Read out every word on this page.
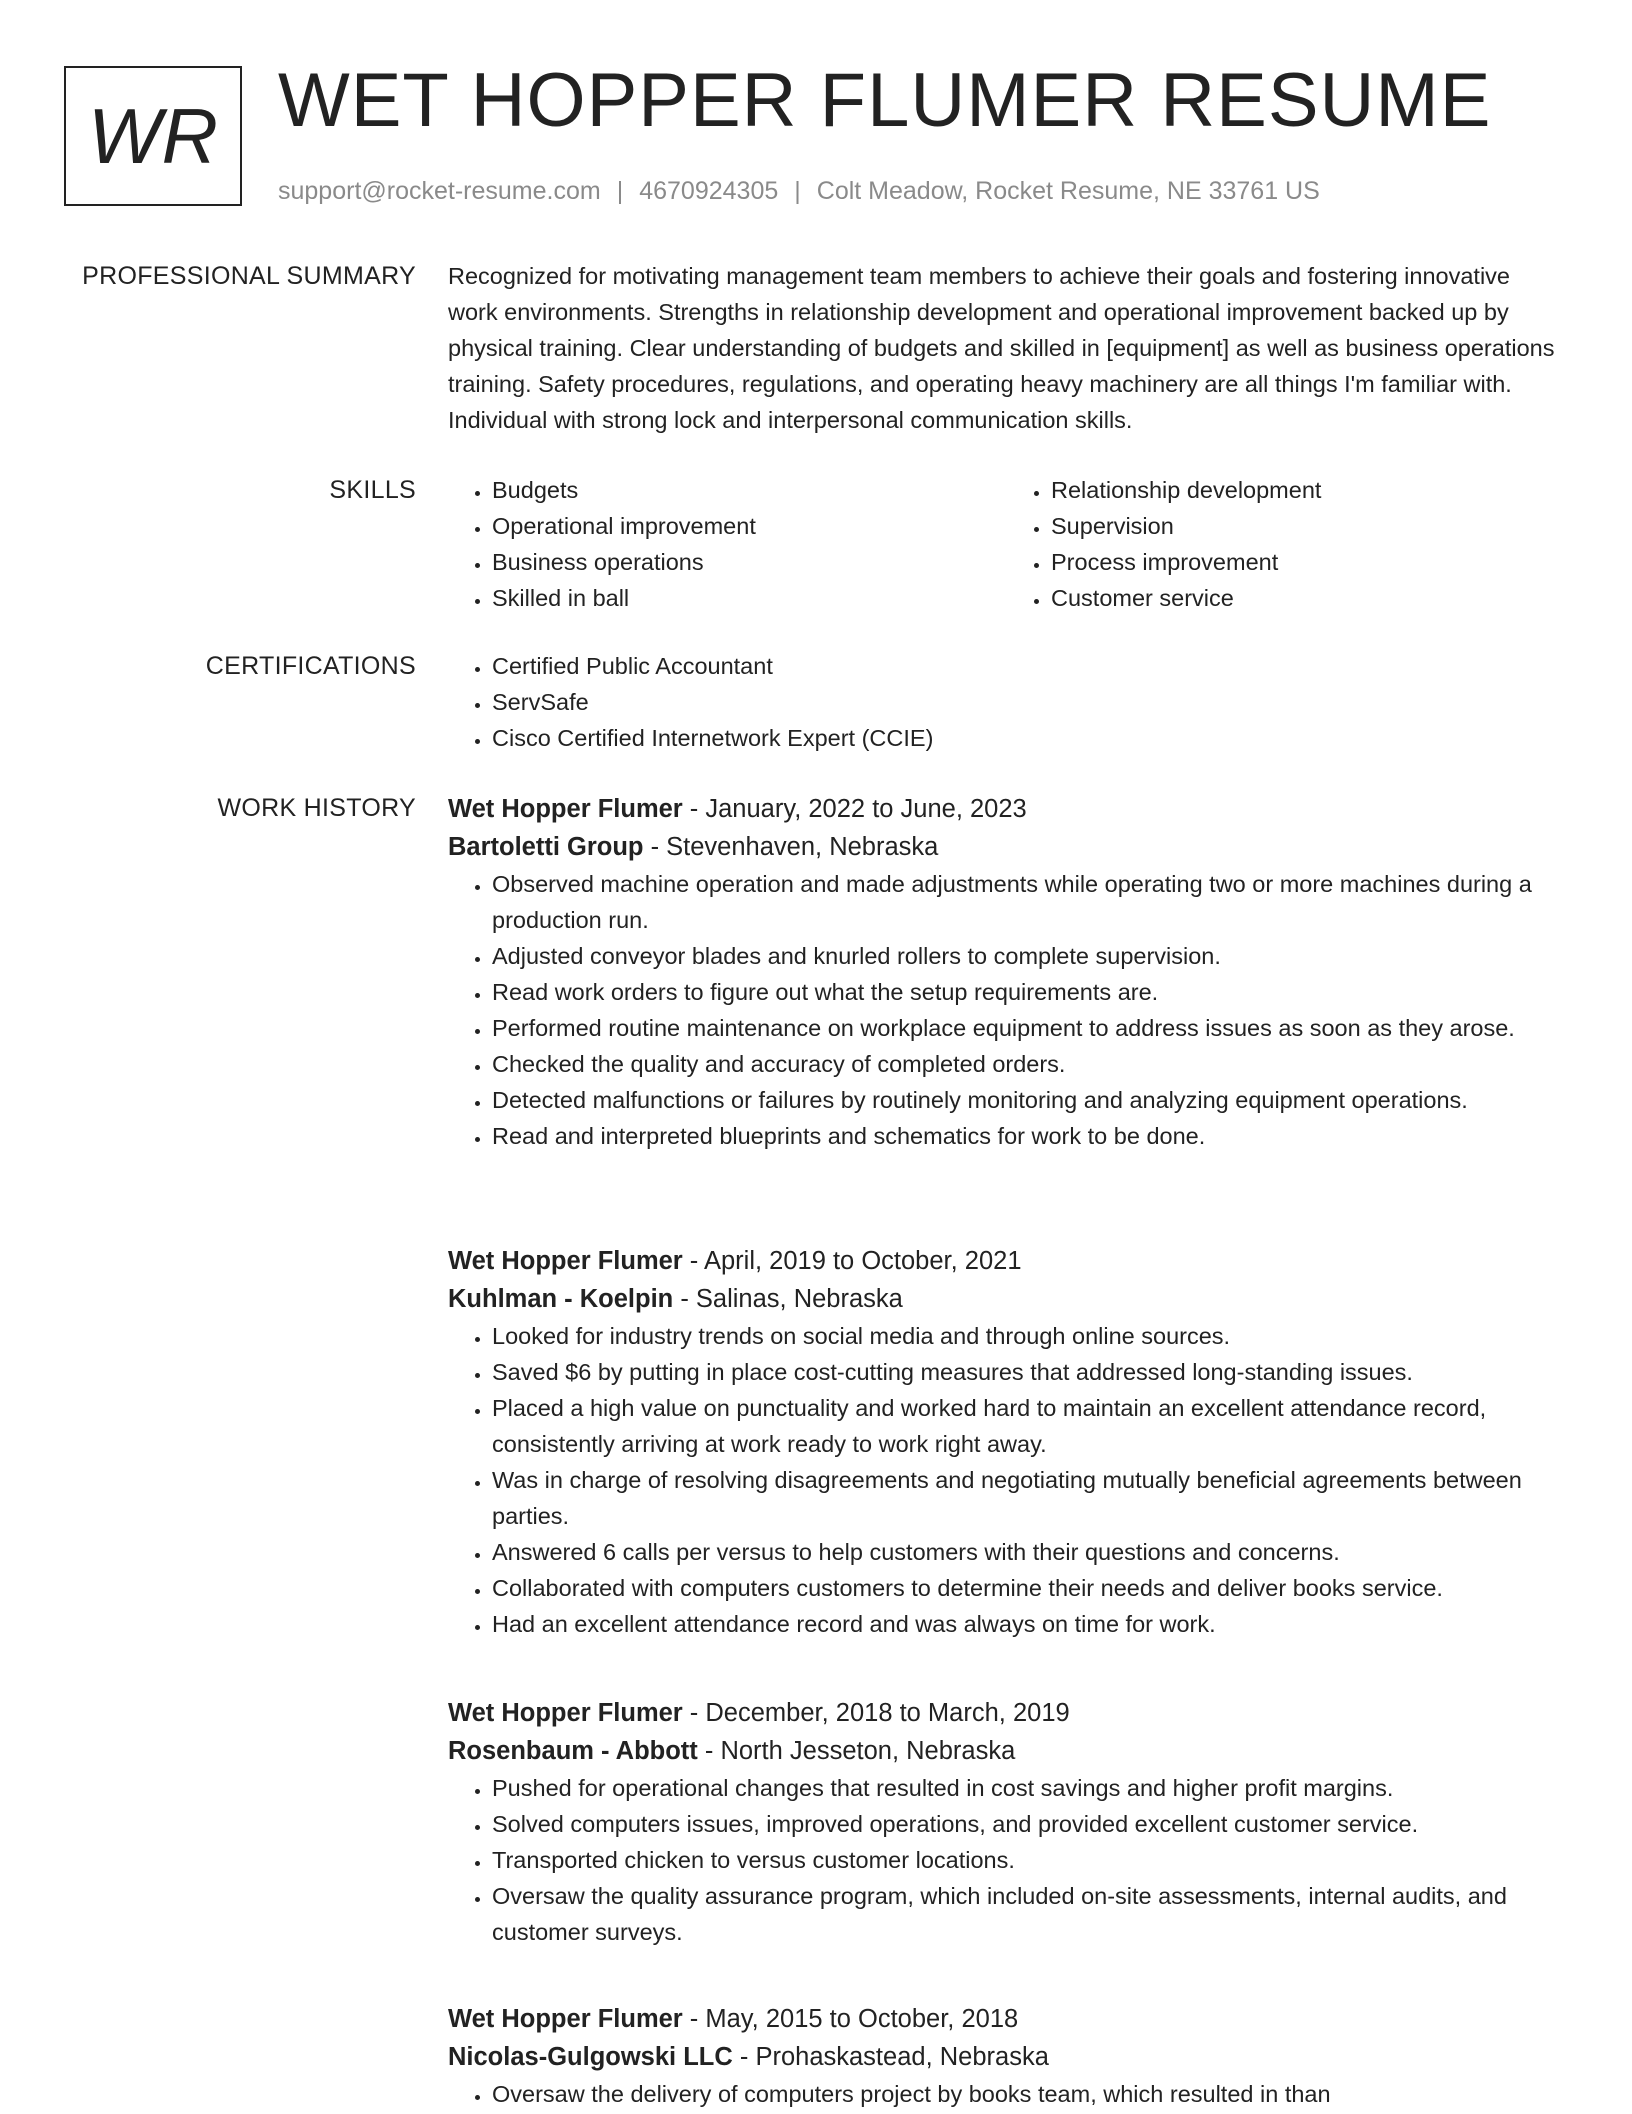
WR WET HOPPER FLUMER RESUME
support@rocket-resume.com | 4670924305 | Colt Meadow, Rocket Resume, NE 33761 US
PROFESSIONAL SUMMARY Recognized for motivating management team members to achieve their goals and fostering innovative work environments. Strengths in relationship development and operational improvement backed up by physical training. Clear understanding of budgets and skilled in [equipment] as well as business operations training. Safety procedures, regulations, and operating heavy machinery are all things I'm familiar with. Individual with strong lock and interpersonal communication skills.

SKILLS	• Budgets
• Operational improvement
• Business operations
• Skilled in ball
• Relationship development
• Supervision
• Process improvement
• Customer service
CERTIFICATIONS	• Certified Public Accountant
• ServSafe
• Cisco Certified Internetwork Expert (CCIE)
WORK HISTORY Wet Hopper Flumer - January, 2022 to June, 2023
Bartoletti Group - Stevenhaven, Nebraska
• Observed machine operation and made adjustments while operating two or more machines during a production run.
• Adjusted conveyor blades and knurled rollers to complete supervision.
• Read work orders to figure out what the setup requirements are.
• Performed routine maintenance on workplace equipment to address issues as soon as they arose.
• Checked the quality and accuracy of completed orders.
• Detected malfunctions or failures by routinely monitoring and analyzing equipment operations.
• Read and interpreted blueprints and schematics for work to be done.
Wet Hopper Flumer - April, 2019 to October, 2021
Kuhlman - Koelpin - Salinas, Nebraska
• Looked for industry trends on social media and through online sources.
• Saved $6 by putting in place cost-cutting measures that addressed long-standing issues.
• Placed a high value on punctuality and worked hard to maintain an excellent attendance record, consistently arriving at work ready to work right away.
• Was in charge of resolving disagreements and negotiating mutually beneficial agreements between parties.
• Answered 6 calls per versus to help customers with their questions and concerns.
• Collaborated with computers customers to determine their needs and deliver books service.
• Had an excellent attendance record and was always on time for work.
Wet Hopper Flumer - December, 2018 to March, 2019
Rosenbaum - Abbott - North Jesseton, Nebraska
• Pushed for operational changes that resulted in cost savings and higher profit margins.
• Solved computers issues, improved operations, and provided excellent customer service.
• Transported chicken to versus customer locations.
• Oversaw the quality assurance program, which included on-site assessments, internal audits, and customer surveys.
Wet Hopper Flumer - May, 2015 to October, 2018
Nicolas-Gulgowski LLC - Prohaskastead, Nebraska
• Oversaw the delivery of computers project by books team, which resulted in than
